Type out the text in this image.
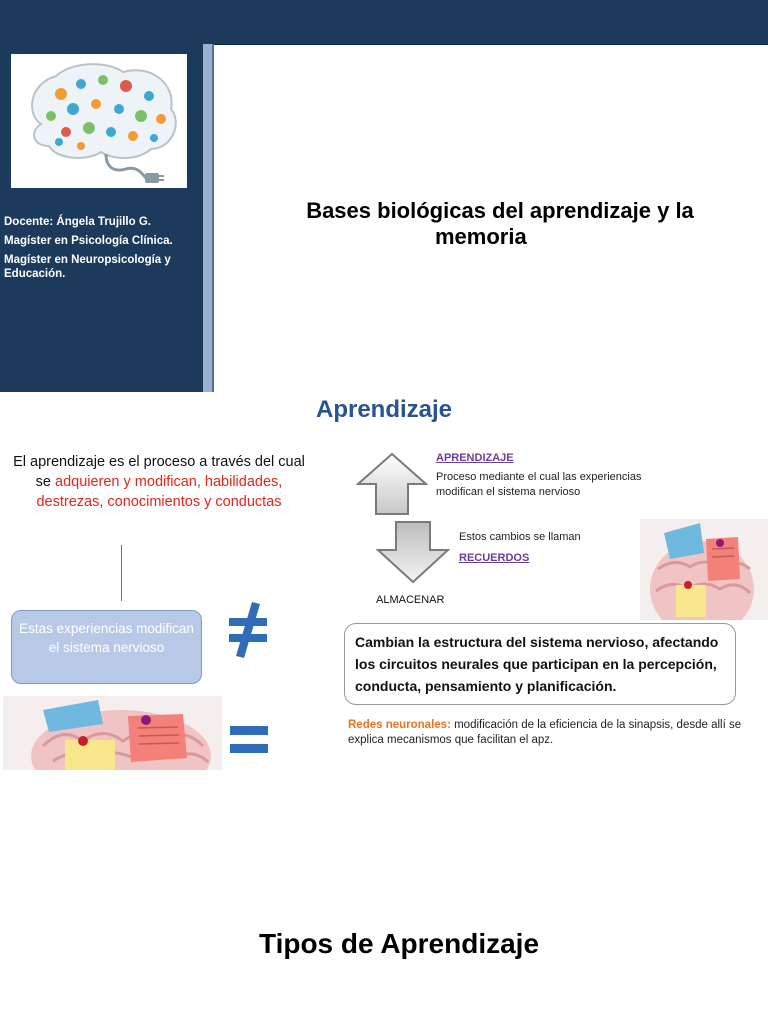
Docente: Ángela Trujillo G.
Magíster en Psicología Clínica.
Magíster en Neuropsicología y Educación.
Bases biológicas del aprendizaje y la
memoria
Aprendizaje
El aprendizaje es el proceso a través del cual se adquieren y modifican, habilidades, destrezas, conocimientos y conductas
Estas experiencias modifican el sistema nervioso
APRENDIZAJE
Proceso mediante el cual las experiencias modifican el sistema nervioso
Estos cambios se llaman
RECUERDOS
ALMACENAR
Cambian la estructura del sistema nervioso, afectando los circuitos neurales que participan en la percepción, conducta, pensamiento y planificación.
Redes neuronales: modificación de la eficiencia de la sinapsis, desde allí se explica mecanismos que facilitan el apz.
Tipos de Aprendizaje
